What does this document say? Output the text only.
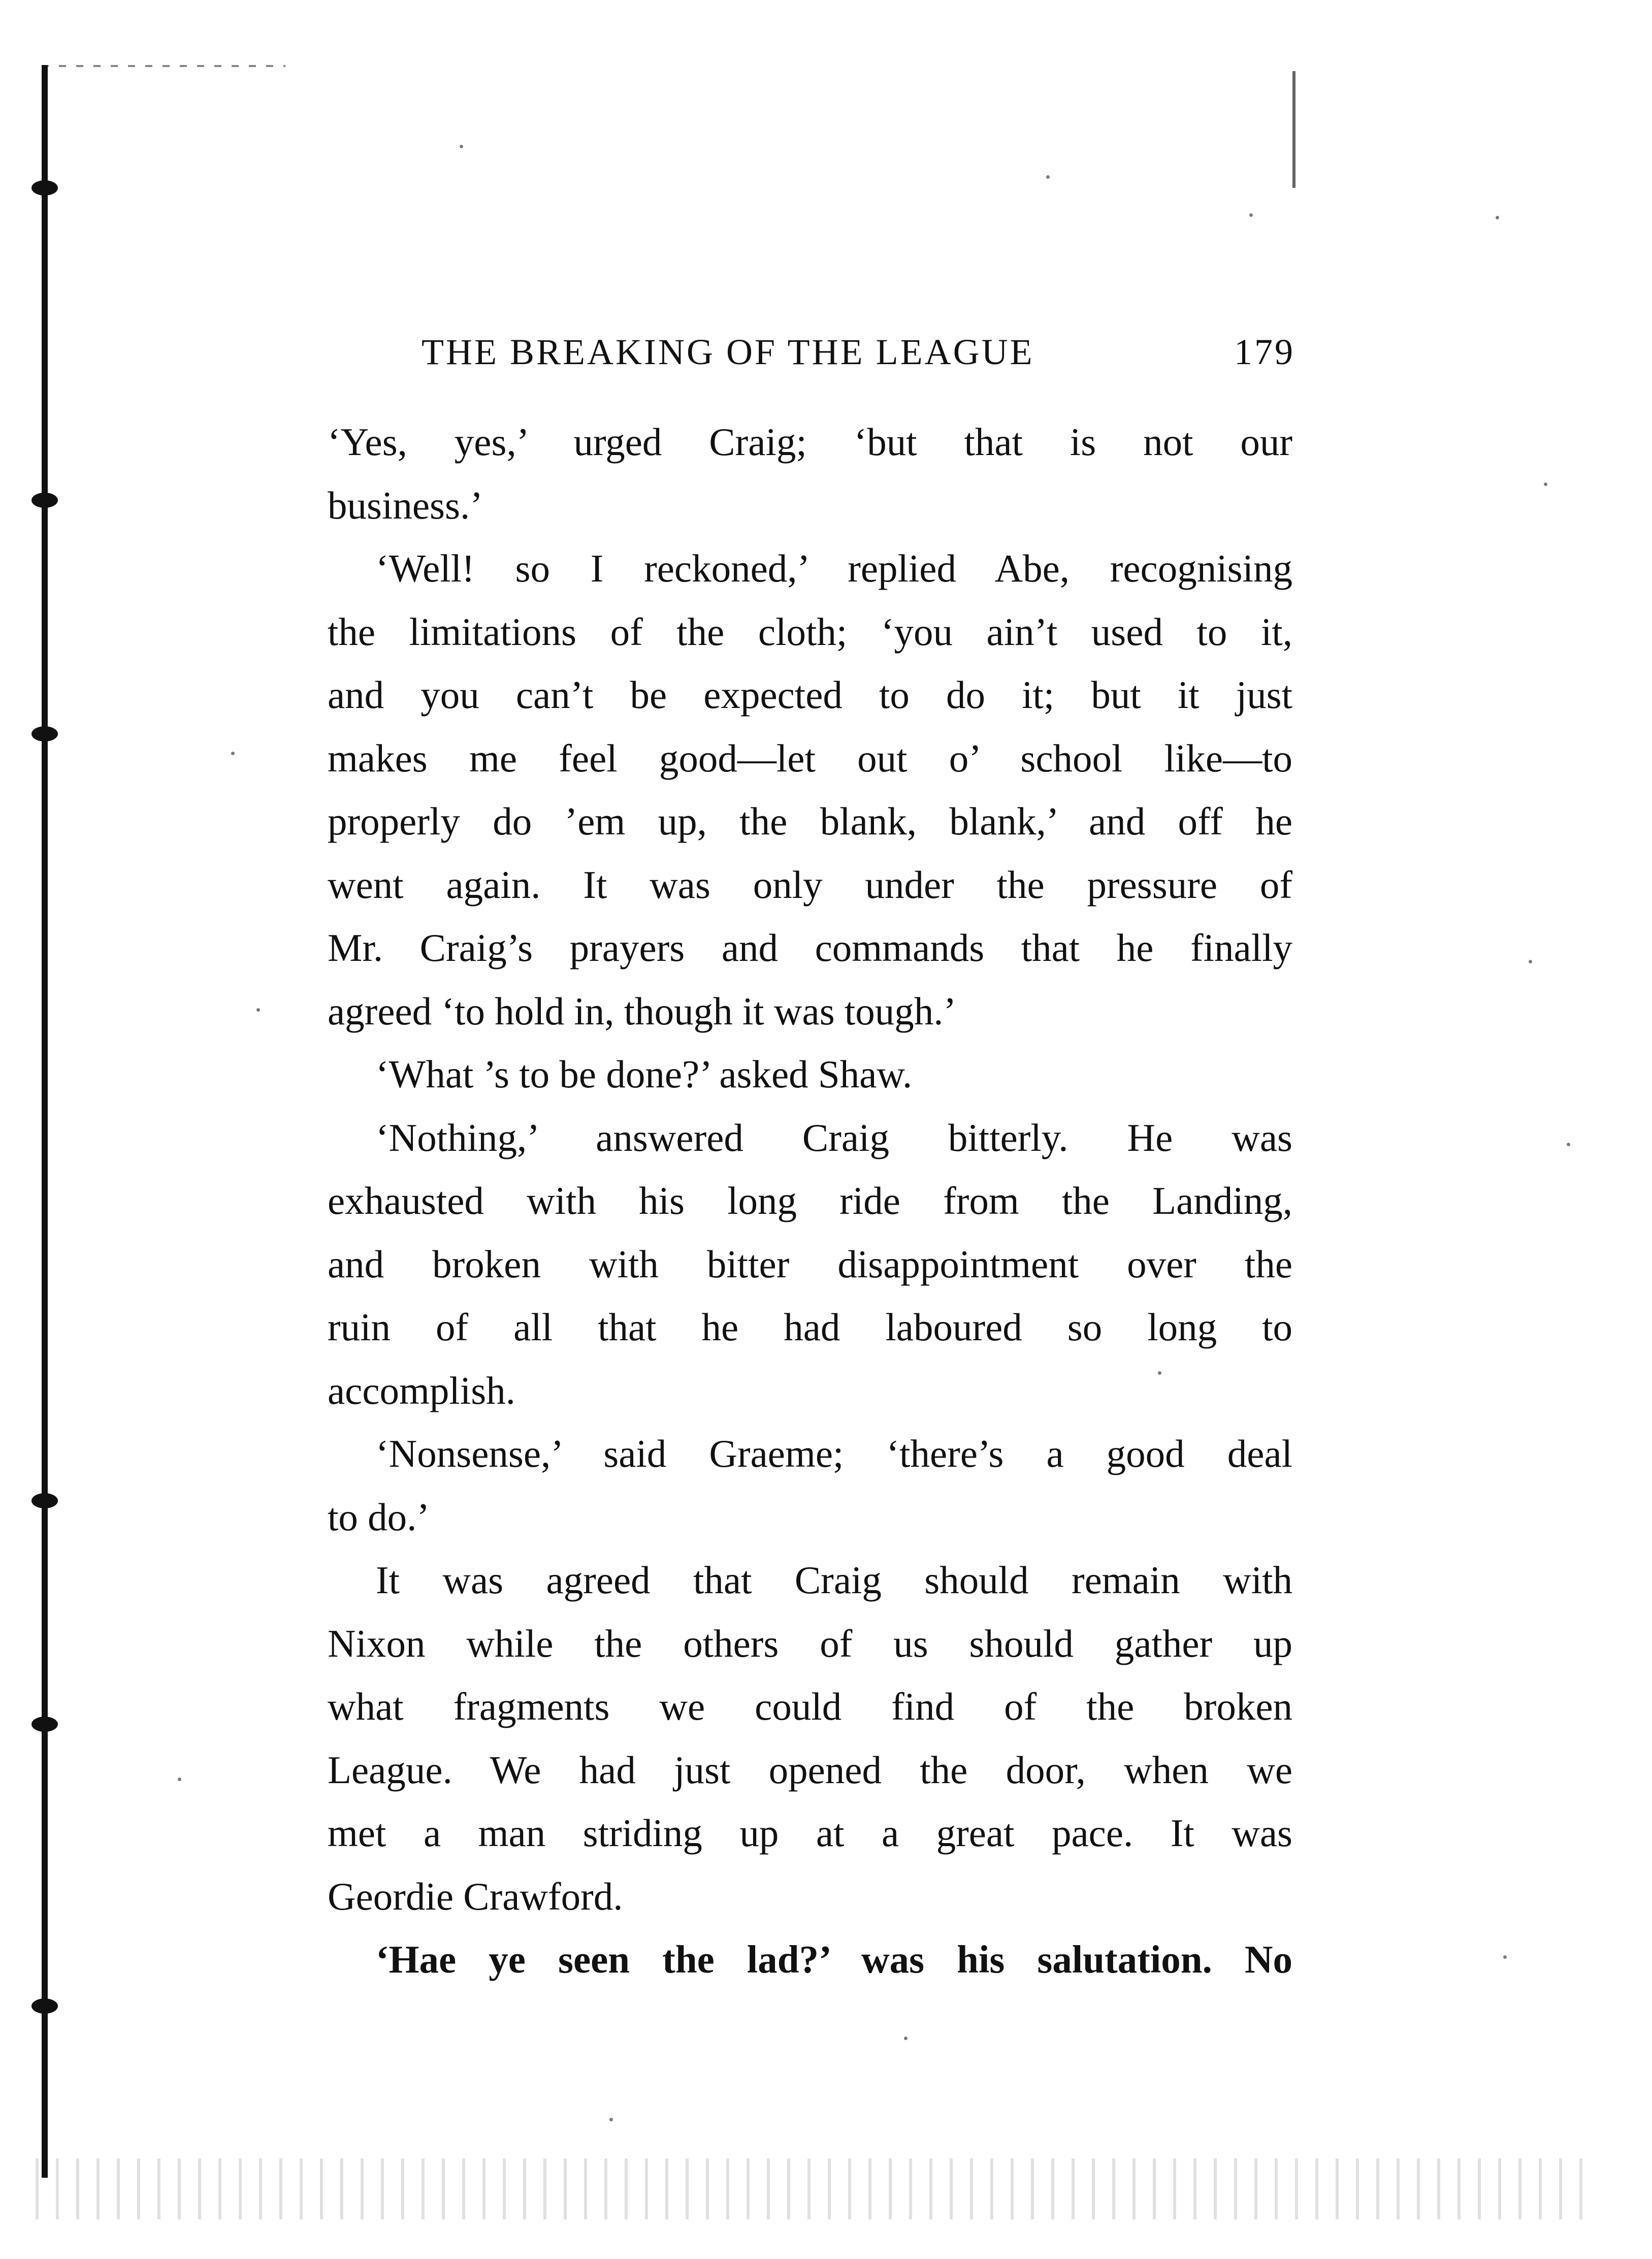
THE BREAKING OF THE LEAGUE	179
‘Yes, yes,’ urged Craig; ‘but that is not our
business.’
‘Well! so I reckoned,’ replied Abe, recognising
the limitations of the cloth; ‘you ain’t used to it,
and you can’t be expected to do it; but it just
makes me feel good—let out o’ school like—to
properly do ’em up, the blank, blank,’ and off he
went again. It was only under the pressure of
Mr. Craig’s prayers and commands that he finally
agreed ‘to hold in, though it was tough.’
‘What ’s to be done?’ asked Shaw.
‘Nothing,’ answered Craig bitterly. He was
exhausted with his long ride from the Landing,
and broken with bitter disappointment over the
ruin of all that he had laboured so long to
accomplish.
‘Nonsense,’ said Graeme; ‘there’s a good deal
to do.’
It was agreed that Craig should remain with
Nixon while the others of us should gather up
what fragments we could find of the broken
League. We had just opened the door, when we
met a man striding up at a great pace. It was
Geordie Crawford.
‘Hae ye seen the lad?’ was his salutation. No
